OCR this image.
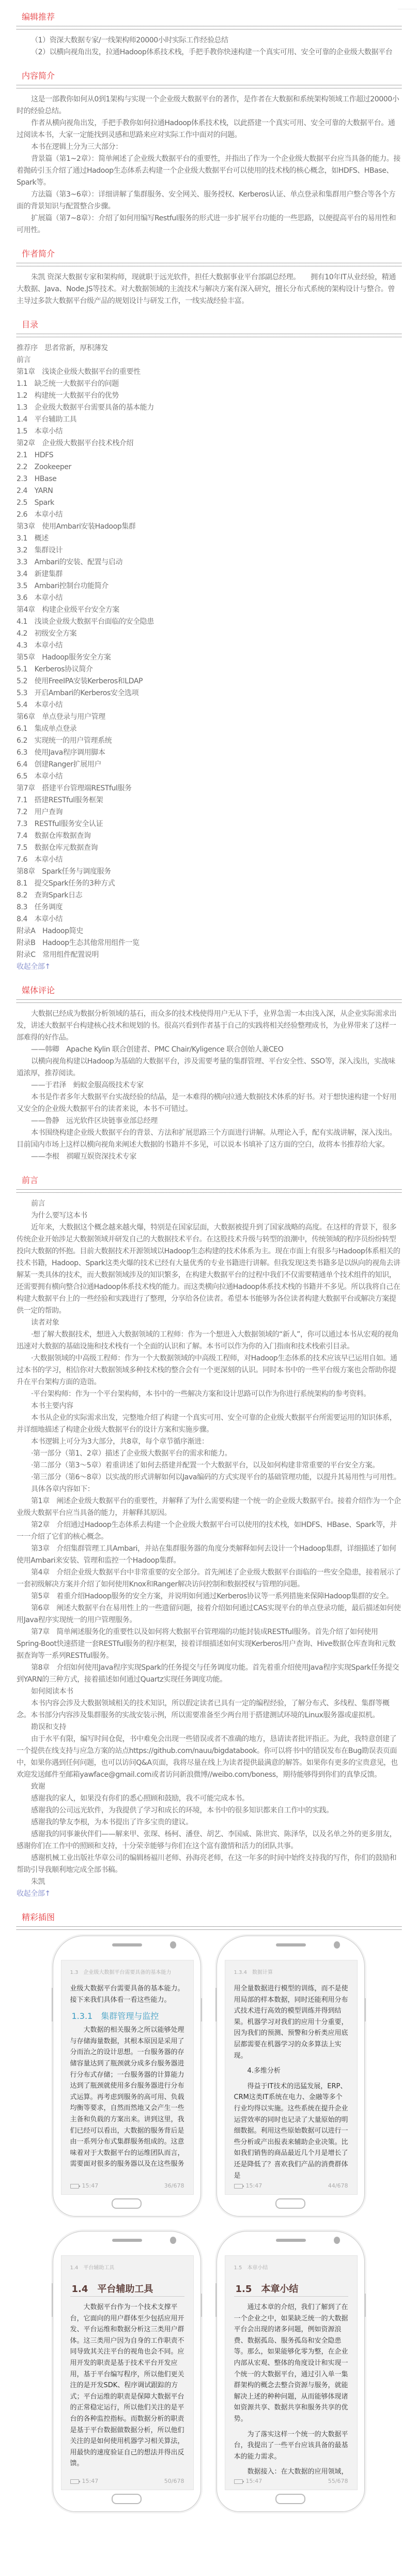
编辑推荐

（1）资深大数据专家/一线架构师20000小时实际工作经验总结

（2）以横向视角出发，拉通Hadoop体系技术栈，手把手教你快速构建一个真实可用、安全可靠的企业级大数据平台

内容简介

这是一部教你如何从0到1架构与实现一个企业级大数据平台的著作，是作者在大数据和系统架构领域工作超过20000小时的经验总结。

作者从横向视角出发，手把手教你如何拉通Hadoop体系技术栈，以此搭建一个真实可用、安全可靠的大数据平台。通过阅读本书，大家一定能找到灵感和思路来应对实际工作中面对的问题。

本书在逻辑上分为三大部分：

背景篇（第1~2章）：简单阐述了企业级大数据平台的重要性，并指出了作为一个企业级大数据平台应当具备的能力。接着抛砖引玉介绍了通过Hadoop生态体系去构建一个企业级大数据平台可以使用的技术栈的核心概念，如HDFS、HBase、Spark等。

方法篇（第3~6章）：详细讲解了集群服务、安全网关、服务授权、Kerberos认证、单点登录和集群用户整合等各个方面的背景知识与配置整合步骤。

扩展篇（第7~8章）：介绍了如何用编写Restful服务的形式进一步扩展平台功能的一些思路，以便提高平台的易用性和可用性。

作者简介

朱凯 资深大数据专家和架构师，现就职于远光软件，担任大数据事业平台部副总经理。　　拥有10年IT从业经验，精通大数据、Java、Node.JS等技术。对大数据领域的主流技术与解决方案有深入研究，擅长分布式系统的架构设计与整合。曾主导过多款大数据平台级产品的规划设计与研发工作，一线实战经验丰富。

目录

推荐序　思者常新，厚积薄发

前言

第1章　浅谈企业级大数据平台的重要性

1.1　缺乏统一大数据平台的问题

1.2　构建统一大数据平台的优势

1.3　企业级大数据平台需要具备的基本能力

1.4　平台辅助工具

1.5　本章小结

第2章　企业级大数据平台技术栈介绍

2.1　HDFS

2.2　Zookeeper

2.3　HBase

2.4　YARN

2.5　Spark

2.6　本章小结

第3章　使用Ambari安装Hadoop集群

3.1　概述

3.2　集群设计

3.3　Ambari的安装、配置与启动

3.4　新建集群

3.5　Ambari控制台功能简介

3.6　本章小结

第4章　构建企业级平台安全方案

4.1　浅谈企业级大数据平台面临的安全隐患

4.2　初级安全方案

4.3　本章小结

第5章　Hadoop服务安全方案

5.1　Kerberos协议简介

5.2　使用FreeIPA安装Kerberos和LDAP

5.3　开启Ambari的Kerberos安全选项

5.4　本章小结

第6章　单点登录与用户管理

6.1　集成单点登录

6.2　实现统一的用户管理系统

6.3　使用Java程序调用脚本

6.4　创建Ranger扩展用户

6.5　本章小结

第7章　搭建平台管理端RESTful服务

7.1　搭建RESTful服务框架

7.2　用户查询

7.3　RESTful服务安全认证

7.4　数据仓库数据查询

7.5　数据仓库元数据查询

7.6　本章小结

第8章　Spark任务与调度服务

8.1　提交Spark任务的3种方式

8.2　查询Spark日志

8.3　任务调度

8.4　本章小结

附录A　Hadoop简史

附录B　Hadoop生态其他常用组件一览

附录C　常用组件配置说明

收起全部↑

媒体评论

大数据已经成为数据分析领域的基石，而众多的技术栈使得用户无从下手，业界急需一本由浅入深，从企业实际需求出发，讲述大数据平台构建核心技术和规划的书。很高兴看到作者基于自己的实践将相关经验整理成书，为业界带来了这样一部难得的好作品。

——韩卿　Apache Kylin 联合创建者、PMC Chair/Kyligence 联合创始人兼CEO

以横向视角构建以Hadoop为基础的大数据平台，涉及需要考量的集群管理、平台安全性、SSO等，深入浅出，实战味道浓厚，推荐阅读。

——于君泽　蚂蚁金服高级技术专家

本书是作者多年大数据平台实战经验的结晶，是一本难得的横向拉通大数据技术体系的好书。对于想快速构建一个好用又安全的企业级大数据平台的读者来说，本书不可错过。

——鲁静　远光软件区块链事业部总经理

本书围绕构建企业级大数据平台的背景、方法和扩展思路三个方面进行讲解。从理论入手，配有实战讲解，深入浅出。目前国内市场上这样以横向视角来阐述大数据的书籍并不多见，可以说本书填补了这方面的空白，故将本书推荐给大家。

——李根　祺曜互娱资深技术专家

前言

前言

为什么要写这本书

近年来，大数据这个概念越来越火爆，特别是在国家层面，大数据被提升到了国家战略的高度。在这样的背景下，很多传统企业开始涉足大数据领域并研发自己的大数据技术平台。在这股技术升级与转型的浪潮中，传统领域的程序员纷纷转型投向大数据的怀抱。目前大数据技术开源领域以Hadoop生态构建的技术体系为主。现在市面上有很多与Hadoop体系相关的技术书籍，Hadoop、Spark这类火爆的技术已经有大量优秀的专业书籍进行讲解。但我发现这类书籍多是以纵向的视角去讲解某一类具体的技术，而大数据领域涉及的知识繁多，在构建大数据平台的过程中我们不仅需要精通单个技术组件的知识，还需要拥有横向整合拉通Hadoop体系技术栈的能力。而这类横向拉通Hadoop体系技术栈的书籍并不多见。所以我将自己在构建大数据平台上的一些经验和实践进行了整理，分享给各位读者。希望本书能够为各位读者构建大数据平台或解决方案提供一定的帮助。

读者对象

·想了解大数据技术，想进入大数据领域的工程师：作为一个想进入大数据领域的“新人”，你可以通过本书从宏观的视角迅速对大数据的基础设施和技术栈有一个全面的认识和了解。本书可以作为你的入门指南和技术栈索引目录。

·大数据领域的中高级工程师：作为一个大数据领域的中高级工程师，对Hadoop生态体系的技术应该早已运用自如。通过本书的学习，相信你对大数据领域多种技术栈的整合会有一个更深刻的认识。同时本书中的一些平台级方案也会帮助你提升在平台架构方面的造诣。

·平台架构师：作为一个平台架构师，本书中的一些解决方案和设计思路可以作为你进行系统架构的参考资料。

本书主要内容

本书从企业的实际需求出发，完整地介绍了构建一个真实可用、安全可靠的企业级大数据平台所需要运用的知识体系，并详细地描述了构建企业级大数据平台的设计方案和实施步骤。

本书逻辑上可分为3大部分，共8章，每个章节循序渐进：

·第一部分（第1、2章）描述了企业级大数据平台的需求和能力。

·第二部分（第3～5章）着重讲述了如何去搭建并配置一个大数据平台，以及如何构建非常重要的平台安全方案。

·第三部分（第6～8章）以实战的形式讲解如何以Java编码的方式实现平台的基础管理功能，以提升其易用性与可用性。

具体各章内容如下：

第1章　阐述企业级大数据平台的重要性，并解释了为什么需要构建一个统一的企业级大数据平台。接着介绍作为一个企业级大数据平台应当具备的能力，并解释其原因。

第2章　介绍通过Hadoop生态体系去构建一个企业级大数据平台可以使用的技术栈，如HDFS、HBase、Spark等，并一一介绍了它们的核心概念。

第3章　介绍集群管理工具Ambari，并站在集群服务器的角度分类解释如何去设计一个Hadoop集群，详细描述了如何使用Ambari来安装、管理和监控一个Hadoop集群。

第4章　介绍企业级大数据平台中非常重要的安全部分。首先阐述了企业级大数据平台面临的一些安全隐患，接着展示了一套初级解决方案并介绍了如何使用Knox和Ranger解决访问控制和数据授权与管理的问题。

第5章　着重介绍Hadoop服务的安全方案，并说明如何通过Kerberos协议等一系列措施来保障Hadoop集群的安全。

第6章　阐述大数据平台在易用性上的一些遗留问题，接着介绍如何通过CAS实现平台的单点登录功能，最后描述如何使用Java程序实现统一的用户管理服务。

第7章　简单阐述服务化的重要性以及如何将大数据平台管理端的功能封装成RESTful服务。首先介绍了如何使用Spring-Boot快速搭建一套RESTful服务的程序框架，接着详细描述如何实现Kerberos用户查询、Hive数据仓库查询和元数据查询等一系列RESTful服务。

第8章　介绍如何使用Java程序实现Spark的任务提交与任务调度功能。首先着重介绍使用Java程序实现Spark任务提交到YARN的三种方式，接着描述如何通过Quartz实现任务调度功能。

如何阅读本书

本书内容会涉及大数据领域相关的技术知识，所以假定读者已具有一定的编程经验，了解分布式、多线程、集群等概念。本书部分内容涉及集群服务的实战安装示例，所以需要准备至少两台用于搭建测试环境的Linux服务器或虚拟机。

勘误和支持

由于水平有限，编写时间仓促，书中难免会出现一些错误或者不准确的地方，恳请读者批评指正。为此，我特意创建了一个提供在线支持与应急方案的站点https://github.com/nauu/bigdatabook。你可以将书中的错误发布在Bug勘误表页面中，如果你遇到任何问题，也可以访问Q&A页面，我将尽量在线上为读者提供最满意的解答。如果你有更多的宝贵意见，也欢迎发送邮件至邮箱yawface@gmail.com或者访问新浪微博//weibo.com/boness，期待能够得到你们的真挚反馈。

致谢

感谢我的家人，如果没有你们的悉心照顾和鼓励，我不可能完成本书。

感谢我的公司远光软件，为我提供了学习和成长的环境，本书中的很多知识都来自工作中的实践。

感谢我的挚友李根，为本书提出了许多宝贵的建议。

感谢我的同事兼伙伴们——解来甲、张琛、杨柯、潘登、胡艺、李国威、陈世宾、陈泽华，以及名单之外的更多朋友，感谢你们在工作中的照顾和支持，十分荣幸能够与你们在这个富有激情和活力的团队共事。

感谢机械工业出版社华章公司的编辑杨福川老师、孙海亮老师，在这一年多的时间中始终支持我的写作，你们的鼓励和帮助引导我顺利地完成全部书稿。

朱凯

收起全部↑

精彩插图
1.3　企业级大数据平台需要具备的基本能力

业级大数据平台需要具备的基本能力。接下来我们具体看一看这些能力。

1.3.1　集群管理与监控

大数据的相关服务之所以能够处理与存储海量数据，其根本原因是采用了分而治之的设计思想。一台服务器的存储容量达到了瓶颈就分成多台服务器进行分布式存储；一台服务器的计算能力达到了瓶颈就使用多台服务器进行分布式运算。再考虑到服务的高可用、负载均衡等要求，自然而然地又会产生一些主备和负载的方案出来。讲到这里，我们已经可以看出，大数据的服务背后是由一系列分布式集群服务组成的。这意味着对于大数据平台的运维团队而言，需要面对很多的服务器以及在这些服务

15:47	36/678
1.3.4　数据计算

用全量数据进行模型的训练，而不是使用局部的样本数据，同时还能利用分布式技术进行高效的模型训练并得到结果。机器学习对我们的应用十分重要，因为我们的预测、预警和分析类应用底层都需要在机器学习的众多算法上实现。

4.多维分析

得益于IT技术的迅猛发展，ERP、CRM这类IT系统在电力、金融等多个行业均得以实施。这些系统在提升企业运营效率的同时也记录了大量原始的明细数据。利用这些原始数据可以进行一些分析或产出报表来辅助企业决策。比如我们销售的商品最近几个月是增长了还是降低了？喜欢我们产品的消费群体是

15:47	44/678
1.4　平台辅助工具
1.4　平台辅助工具

大数据平台作为一个技术支撑平台，它面向的用户群体至少包括应用开发、平台运维和数据分析这三类用户群体。这三类用户因为自身的工作职责不同导致其关注平台的视角也会不同。应用开发的职责是基于技术平台开发应用，基于平台编写程序，所以他们更关注的是开发SDK、程序调试跟踪的方式；平台运维的职责是保障大数据平台的正常稳定运行，所以他们关注的是平台的各种监控指标。而数据分析的职责是基于平台数据做数据分析，所以他们关注的是如何使用机器学习相关算法，用最快的速度验证自己的想法并得出反馈。

15:47	50/678
1.5　本章小结
1.5　本章小结

通过本章的介绍，我们了解到了在一个企业之中，如果缺乏统一的大数据平台会出现的诸多问题，例如资源浪费、数据孤岛、服务孤岛和安全隐患等。那么，如果能够化零为整，在企业内部从宏观、整体的角度设计和实现一个统一的大数据平台，通过引入单一集群架构的概念去整合资源与服务，就能解决上述的种种问题，从而能够体现诸如资源共享、数据共享和服务共享的优势。

为了落实这样一个统一的大数据平台，我提出了一些平台应该具备的最基本的能力需求。

数据接入：在大数据的应用领域，

15:47	55/678
